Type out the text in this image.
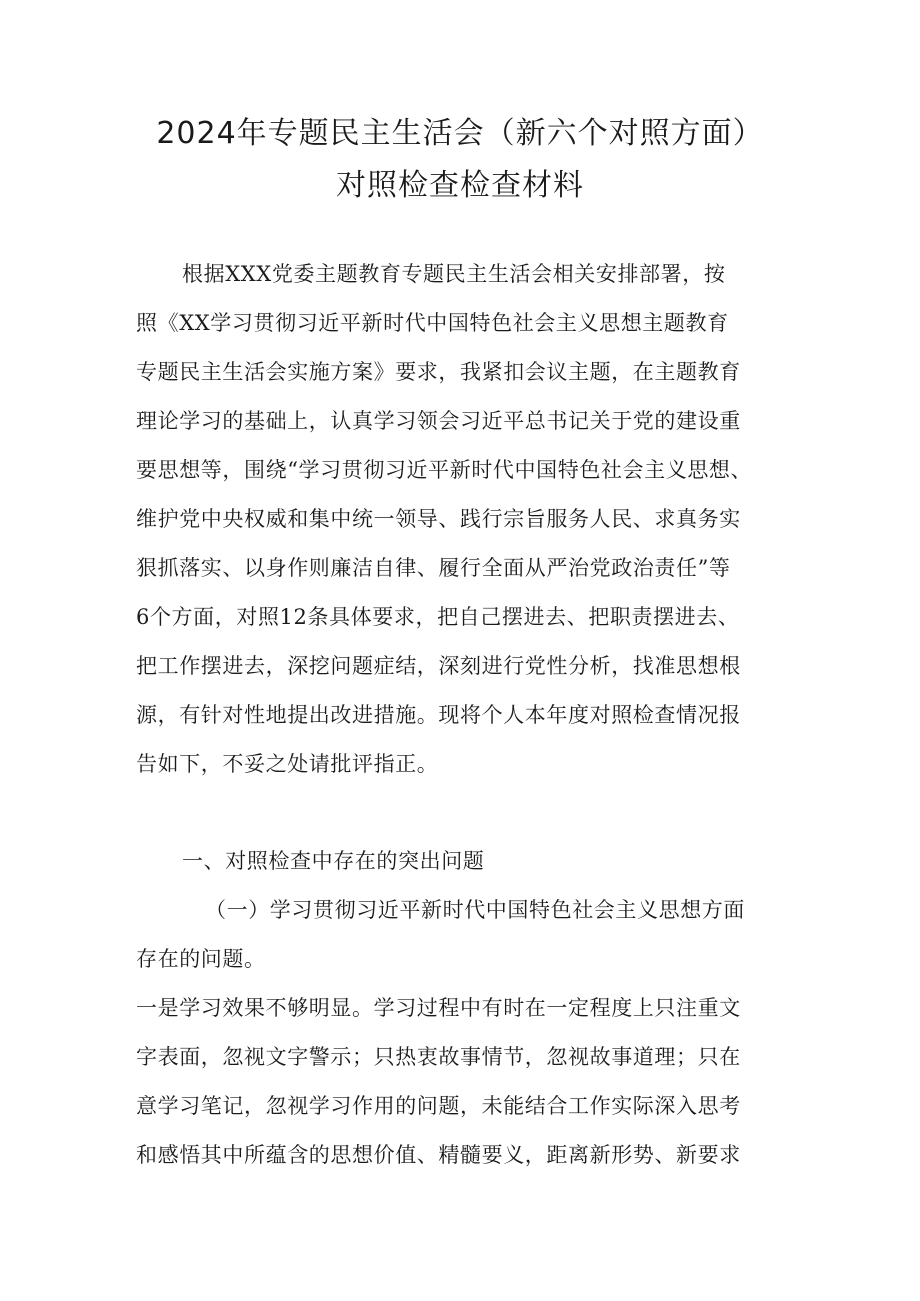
2024年专题民主生活会（新六个对照方面）
对照检查检查材料

根据XXX党委主题教育专题民主生活会相关安排部署，按

照《XX学习贯彻习近平新时代中国特色社会主义思想主题教育

专题民主生活会实施方案》要求，我紧扣会议主题，在主题教育

理论学习的基础上，认真学习领会习近平总书记关于党的建设重

要思想等，围绕“学习贯彻习近平新时代中国特色社会主义思想、

维护党中央权威和集中统一领导、践行宗旨服务人民、求真务实

狠抓落实、以身作则廉洁自律、履行全面从严治党政治责任”等

6个方面，对照12条具体要求，把自己摆进去、把职责摆进去、

把工作摆进去，深挖问题症结，深刻进行党性分析，找准思想根

源，有针对性地提出改进措施。现将个人本年度对照检查情况报

告如下，不妥之处请批评指正。

一、对照检查中存在的突出问题

（一）学习贯彻习近平新时代中国特色社会主义思想方面

存在的问题。

一是学习效果不够明显。学习过程中有时在一定程度上只注重文

字表面，忽视文字警示；只热衷故事情节，忽视故事道理；只在

意学习笔记，忽视学习作用的问题，未能结合工作实际深入思考

和感悟其中所蕴含的思想价值、精髓要义，距离新形势、新要求
